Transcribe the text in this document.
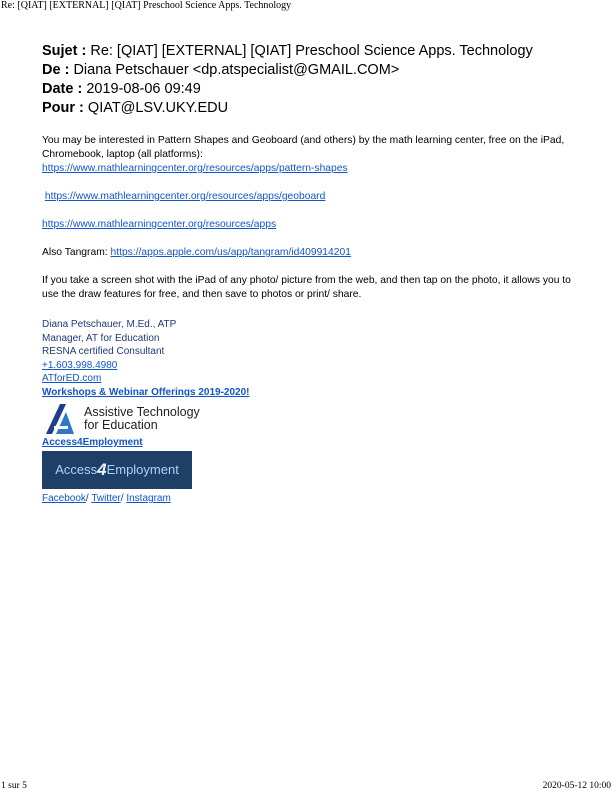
Re: [QIAT] [EXTERNAL] [QIAT] Preschool Science Apps. Technology
Sujet : Re: [QIAT] [EXTERNAL] [QIAT] Preschool Science Apps. Technology
De : Diana Petschauer <dp.atspecialist@GMAIL.COM>
Date : 2019-08-06 09:49
Pour : QIAT@LSV.UKY.EDU

You may be interested in Pattern Shapes and Geoboard (and others) by the math learning center, free on the iPad, Chromebook, laptop (all platforms):

https://www.mathlearningcenter.org/resources/apps/pattern-shapes

https://www.mathlearningcenter.org/resources/apps/geoboard

https://www.mathlearningcenter.org/resources/apps

Also Tangram: https://apps.apple.com/us/app/tangram/id409914201

If you take a screen shot with the iPad of any photo/ picture from the web, and then tap on the photo, it allows you to use the draw features for free, and then save to photos or print/ share.

Diana Petschauer, M.Ed., ATP
Manager, AT for Education
RESNA certified Consultant
+1.603.998.4980
ATforED.com
Workshops & Webinar Offerings 2019-2020!
Assistive Technology
for Education
Access4Employment
Access 4 Employment
Facebook/ Twitter/ Instagram
1 sur 5	2020-05-12 10:00
